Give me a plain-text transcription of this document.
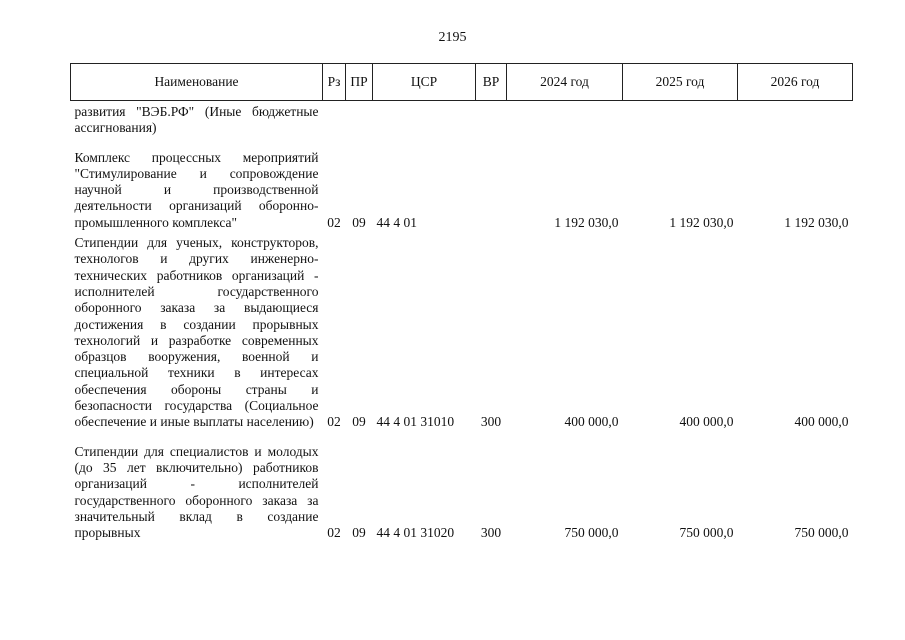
2195
Наименование	Рз	ПР	ЦСР	ВР	2024 год	2025 год	2026 год
развития "ВЭБ.РФ" (Иные бюджетные ассигнования)							
Комплекс процессных мероприятий "Стимулирование и сопровождение научной и производственной деятельности организаций оборонно-промышленного комплекса"	02	09	44 4 01		1 192 030,0	1 192 030,0	1 192 030,0
Стипендии для ученых, конструкторов, технологов и других инженерно-технических работников организаций - исполнителей государственного оборонного заказа за выдающиеся достижения в создании прорывных технологий и разработке современных образцов вооружения, военной и специальной техники в интересах обеспечения обороны страны и безопасности государства (Социальное обеспечение и иные выплаты населению)	02	09	44 4 01 31010	300	400 000,0	400 000,0	400 000,0
Стипендии для специалистов и молодых (до 35 лет включительно) работников организаций - исполнителей государственного оборонного заказа за значительный вклад в создание прорывных	02	09	44 4 01 31020	300	750 000,0	750 000,0	750 000,0
